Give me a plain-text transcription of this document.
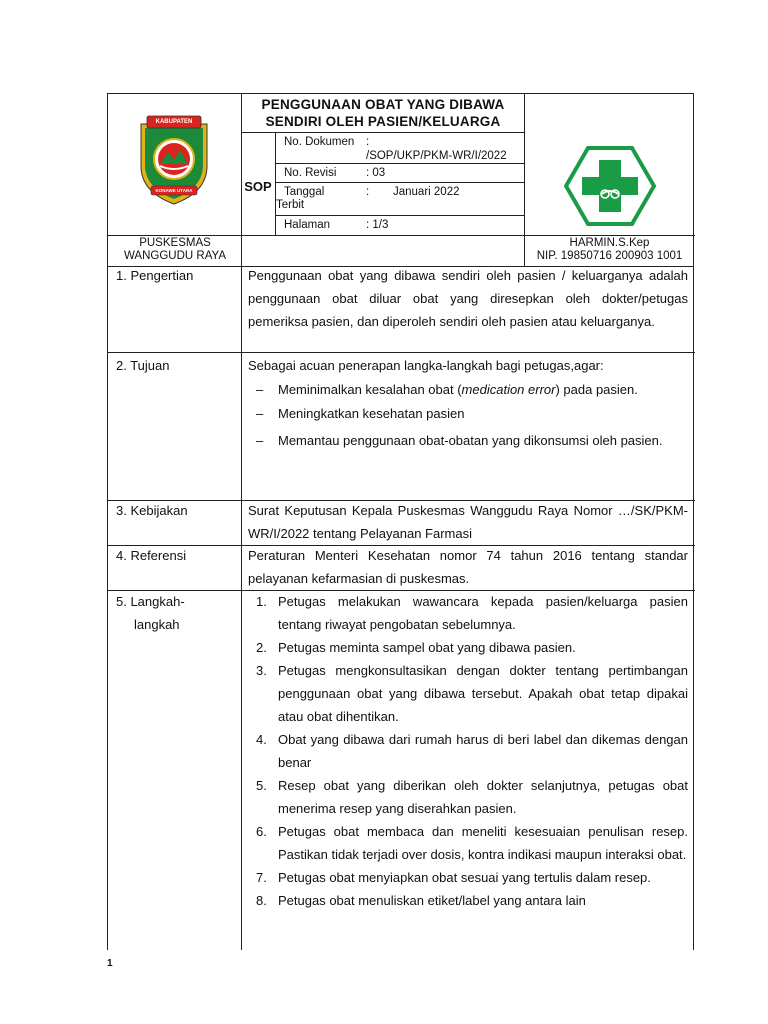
KABUPATEN
KONAWE UTARA
PENGGUNAAN OBAT YANG DIBAWA SENDIRI OLEH PASIEN/KELUARGA
SOP
No. Dokumen :
/SOP/UKP/PKM-WR/I/2022
No. Revisi	: 03
Tanggal
Terbit
: Januari 2022
Halaman	: 1/3
PUSKESMAS
WANGGUDU RAYA
HARMIN.S.Kep
NIP. 19850716 200903 1001
1. Pengertian	Penggunaan obat yang dibawa sendiri oleh pasien / keluarganya adalah penggunaan obat diluar obat yang diresepkan oleh dokter/petugas pemeriksa pasien, dan diperoleh sendiri oleh pasien atau keluarganya.

2. Tujuan	Sebagai acuan penerapan langka-langkah bagi petugas,agar:

– Meminimalkan kesalahan obat (medication error) pada pasien.
– Meningkatkan kesehatan pasien
– Memantau penggunaan obat-obatan yang dikonsumsi oleh pasien.
3. Kebijakan	Surat Keputusan Kepala Puskesmas Wanggudu Raya Nomor …/SK/PKM-WR/I/2022 tentang Pelayanan Farmasi

4. Referensi	Peraturan Menteri Kesehatan nomor 74 tahun 2016 tentang standar pelayanan kefarmasian di puskesmas.

5. Langkah-
langkah
1. Petugas melakukan wawancara kepada pasien/keluarga pasien tentang riwayat pengobatan sebelumnya.
2. Petugas meminta sampel obat yang dibawa pasien.
3. Petugas mengkonsultasikan dengan dokter tentang pertimbangan penggunaan obat yang dibawa tersebut. Apakah obat tetap dipakai atau obat dihentikan.
4. Obat yang dibawa dari rumah harus di beri label dan dikemas dengan benar
5. Resep obat yang diberikan oleh dokter selanjutnya, petugas obat menerima resep yang diserahkan pasien.
6. Petugas obat membaca dan meneliti kesesuaian penulisan resep. Pastikan tidak terjadi over dosis, kontra indikasi maupun interaksi obat.
7. Petugas obat menyiapkan obat sesuai yang tertulis dalam resep.
8. Petugas obat menuliskan etiket/label yang antara lain
1
